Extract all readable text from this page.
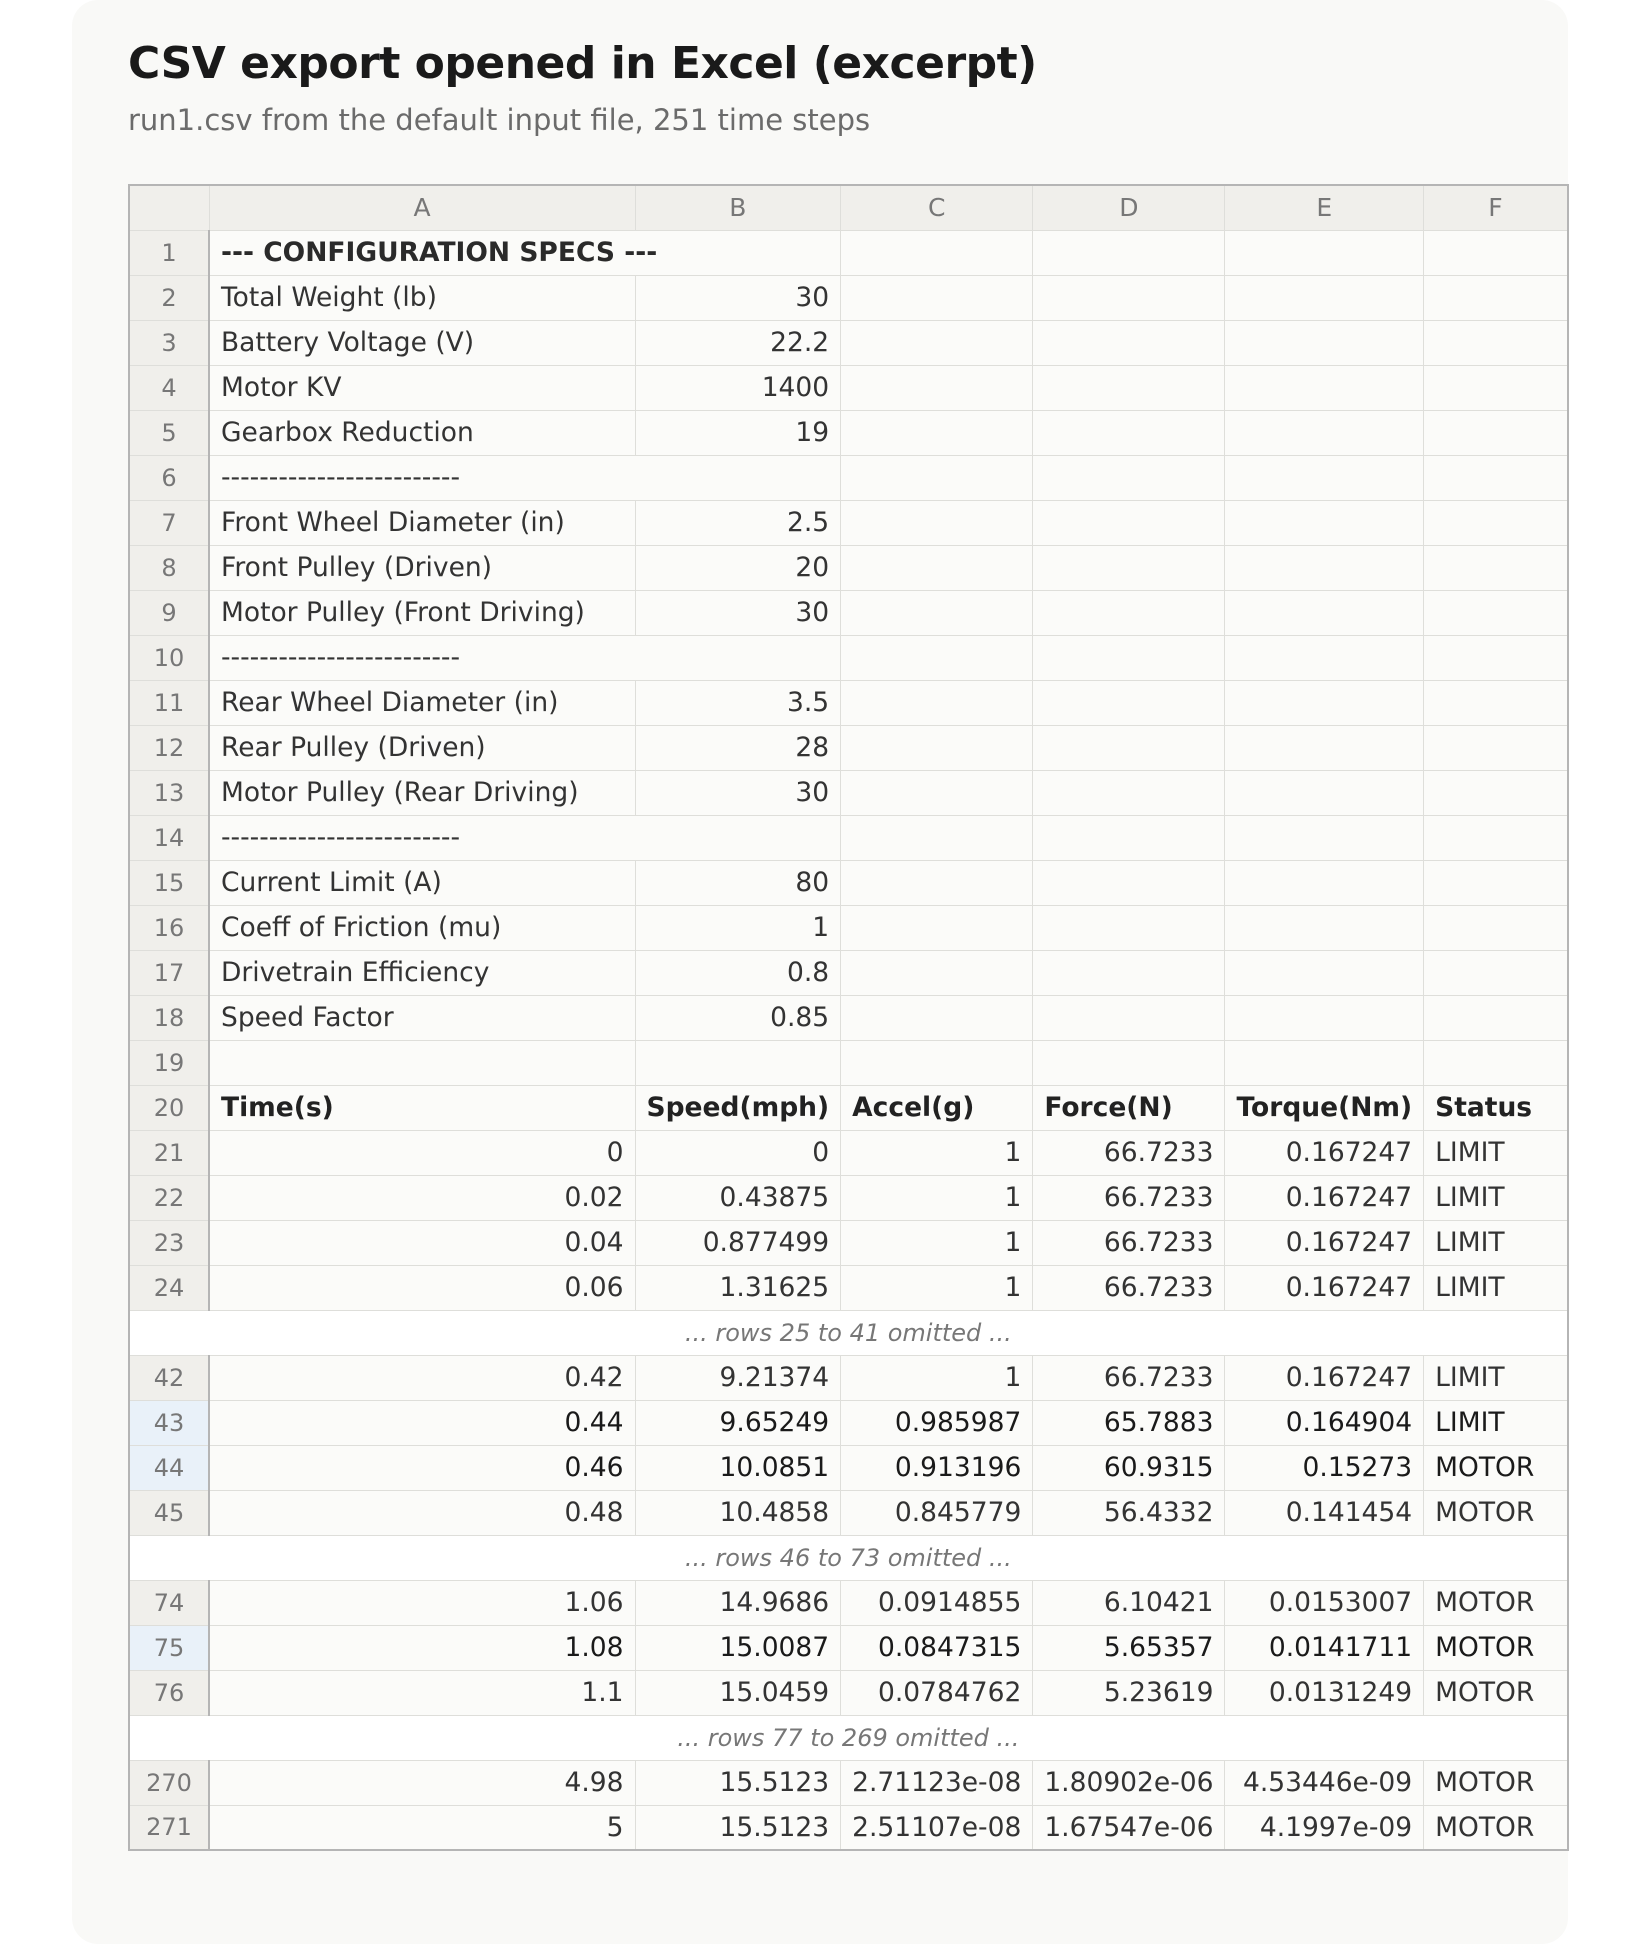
CSV export opened in Excel (excerpt)

run1.csv from the default input file, 251 time steps

	A	B	C	D	E	F
1	--- CONFIGURATION SPECS ---					
2	Total Weight (lb)	30				
3	Battery Voltage (V)	22.2				
4	Motor KV	1400				
5	Gearbox Reduction	19				
6	-------------------------					
7	Front Wheel Diameter (in)	2.5				
8	Front Pulley (Driven)	20				
9	Motor Pulley (Front Driving)	30				
10	-------------------------					
11	Rear Wheel Diameter (in)	3.5				
12	Rear Pulley (Driven)	28				
13	Motor Pulley (Rear Driving)	30				
14	-------------------------					
15	Current Limit (A)	80				
16	Coeff of Friction (mu)	1				
17	Drivetrain Efficiency	0.8				
18	Speed Factor	0.85				
19						
20	Time(s)	Speed(mph)	Accel(g)	Force(N)	Torque(Nm)	Status
21	0	0	1	66.7233	0.167247	LIMIT
22	0.02	0.43875	1	66.7233	0.167247	LIMIT
23	0.04	0.877499	1	66.7233	0.167247	LIMIT
24	0.06	1.31625	1	66.7233	0.167247	LIMIT
... rows 25 to 41 omitted ...						
42	0.42	9.21374	1	66.7233	0.167247	LIMIT
43	0.44	9.65249	0.985987	65.7883	0.164904	LIMIT
44	0.46	10.0851	0.913196	60.9315	0.15273	MOTOR
45	0.48	10.4858	0.845779	56.4332	0.141454	MOTOR
... rows 46 to 73 omitted ...						
74	1.06	14.9686	0.0914855	6.10421	0.0153007	MOTOR
75	1.08	15.0087	0.0847315	5.65357	0.0141711	MOTOR
76	1.1	15.0459	0.0784762	5.23619	0.0131249	MOTOR
... rows 77 to 269 omitted ...						
270	4.98	15.5123	2.71123e-08	1.80902e-06	4.53446e-09	MOTOR
271	5	15.5123	2.51107e-08	1.67547e-06	4.1997e-09	MOTOR
